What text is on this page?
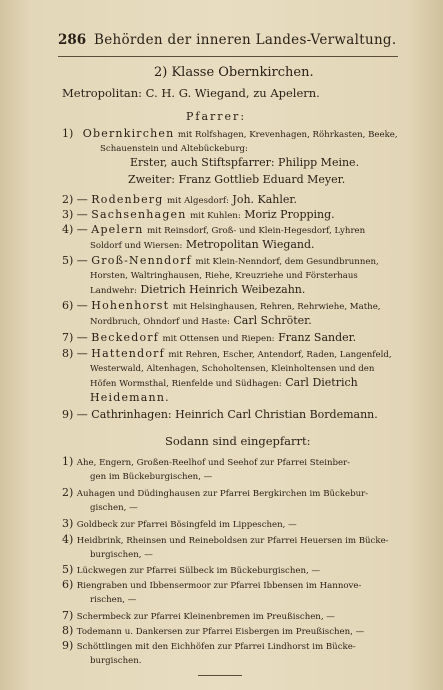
286 Behörden der inneren Landes-Verwaltung.
2) Klasse Obernkirchen.
Metropolitan: C. H. G. Wiegand, zu Apelern.
Pfarrer:
1) Obernkirchen mit Rolfshagen, Krevenhagen, Röhrkasten, Beeke,
Schauenstein und Altebückeburg:
Erster, auch Stiftspfarrer: Philipp Meine.
Zweiter: Franz Gottlieb Eduard Meyer.
2) — Rodenberg mit Algesdorf: Joh. Kahler.
3) — Sachsenhagen mit Kuhlen: Moriz Propping.
4) — Apelern mit Reinsdorf, Groß- und Klein-Hegesdorf, Lyhren
Soldorf und Wiersen: Metropolitan Wiegand.
5) — Groß-Nenndorf mit Klein-Nenndorf, dem Gesundbrunnen,
Horsten, Waltringhausen, Riehe, Kreuzriehe und Försterhaus
Landwehr: Dietrich Heinrich Weibezahn.
6) — Hohenhorst mit Helsinghausen, Rehren, Rehrwiehe, Mathe,
Nordbruch, Ohndorf und Haste: Carl Schröter.
7) — Beckedorf mit Ottensen und Riepen: Franz Sander.
8) — Hattendorf mit Rehren, Escher, Antendorf, Raden, Langenfeld,
Westerwald, Altenhagen, Schoholtensen, Kleinholtensen und den
Höfen Wormsthal, Rienfelde und Südhagen: Carl Dietrich
Heidemann.
9) — Cathrinhagen: Heinrich Carl Christian Bordemann.
Sodann sind eingepfarrt:
1) Ahe, Engern, Großen-Reelhof und Seehof zur Pfarrei Steinber-
gen im Bückeburgischen, —
2) Auhagen und Düdinghausen zur Pfarrei Bergkirchen im Bückebur-
gischen, —
3) Goldbeck zur Pfarrei Bösingfeld im Lippeschen, —
4) Heidbrink, Rheinsen und Reineboldsen zur Pfarrei Heuersen im Bücke-
burgischen, —
5) Lückwegen zur Pfarrei Sülbeck im Bückeburgischen, —
6) Riengraben und Ibbensermoor zur Pfarrei Ibbensen im Hannove-
rischen, —
7) Schermbeck zur Pfarrei Kleinenbremen im Preußischen, —
8) Todemann u. Dankersen zur Pfarrei Eisbergen im Preußischen, —
9) Schöttlingen mit den Eichhöfen zur Pfarrei Lindhorst im Bücke-
burgischen.
